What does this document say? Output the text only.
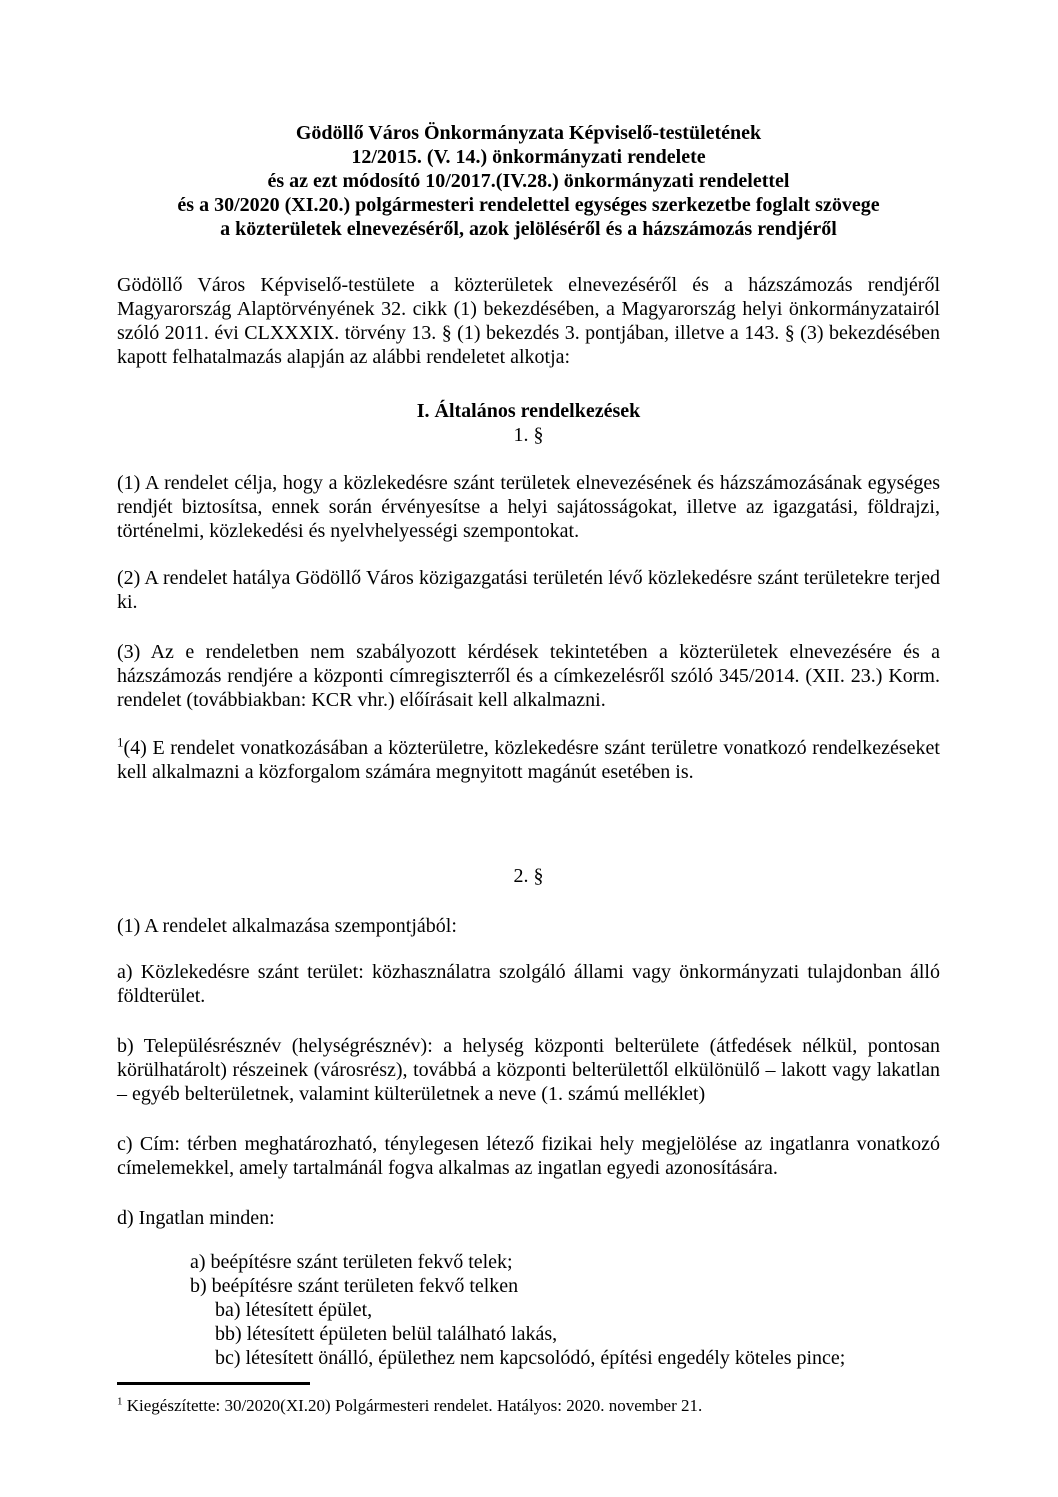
Gödöllő Város Önkormányzata Képviselő-testületének
12/2015. (V. 14.) önkormányzati rendelete
és az ezt módosító 10/2017.(IV.28.) önkormányzati rendelettel
és a 30/2020 (XI.20.) polgármesteri rendelettel egységes szerkezetbe foglalt szövege
a közterületek elnevezéséről, azok jelöléséről és a házszámozás rendjéről

Gödöllő Város Képviselő-testülete a közterületek elnevezéséről és a házszámozás rendjéről Magyarország Alaptörvényének 32. cikk (1) bekezdésében, a Magyarország helyi önkormányzatairól szóló 2011. évi CLXXXIX. törvény 13. § (1) bekezdés 3. pontjában, illetve a 143. § (3) bekezdésében kapott felhatalmazás alapján az alábbi rendeletet alkotja:

I. Általános rendelkezések
1. §

(1) A rendelet célja, hogy a közlekedésre szánt területek elnevezésének és házszámozásának egységes rendjét biztosítsa, ennek során érvényesítse a helyi sajátosságokat, illetve az igazgatási, földrajzi, történelmi, közlekedési és nyelvhelyességi szempontokat.

(2) A rendelet hatálya Gödöllő Város közigazgatási területén lévő közlekedésre szánt területekre terjed ki.

(3) Az e rendeletben nem szabályozott kérdések tekintetében a közterületek elnevezésére és a házszámozás rendjére a központi címregiszterről és a címkezelésről szóló 345/2014. (XII. 23.) Korm. rendelet (továbbiakban: KCR vhr.) előírásait kell alkalmazni.

$^1$(4) E rendelet vonatkozásában a közterületre, közlekedésre szánt területre vonatkozó rendelkezéseket kell alkalmazni a közforgalom számára megnyitott magánút esetében is.

2. §

(1) A rendelet alkalmazása szempontjából:

a) Közlekedésre szánt terület: közhasználatra szolgáló állami vagy önkormányzati tulajdonban álló földterület.

b) Településrésznév (helységrésznév): a helység központi belterülete (átfedések nélkül, pontosan körülhatárolt) részeinek (városrész), továbbá a központi belterülettől elkülönülő – lakott vagy lakatlan – egyéb belterületnek, valamint külterületnek a neve (1. számú melléklet)

c) Cím: térben meghatározható, ténylegesen létező fizikai hely megjelölése az ingatlanra vonatkozó címelemekkel, amely tartalmánál fogva alkalmas az ingatlan egyedi azonosítására.

d) Ingatlan minden:

a) beépítésre szánt területen fekvő telek;
b) beépítésre szánt területen fekvő telken
ba) létesített épület,
bb) létesített épületen belül található lakás,
bc) létesített önálló, épülethez nem kapcsolódó, építési engedély köteles pince;
$^1$ Kiegészítette: 30/2020(XI.20) Polgármesteri rendelet. Hatályos: 2020. november 21.
